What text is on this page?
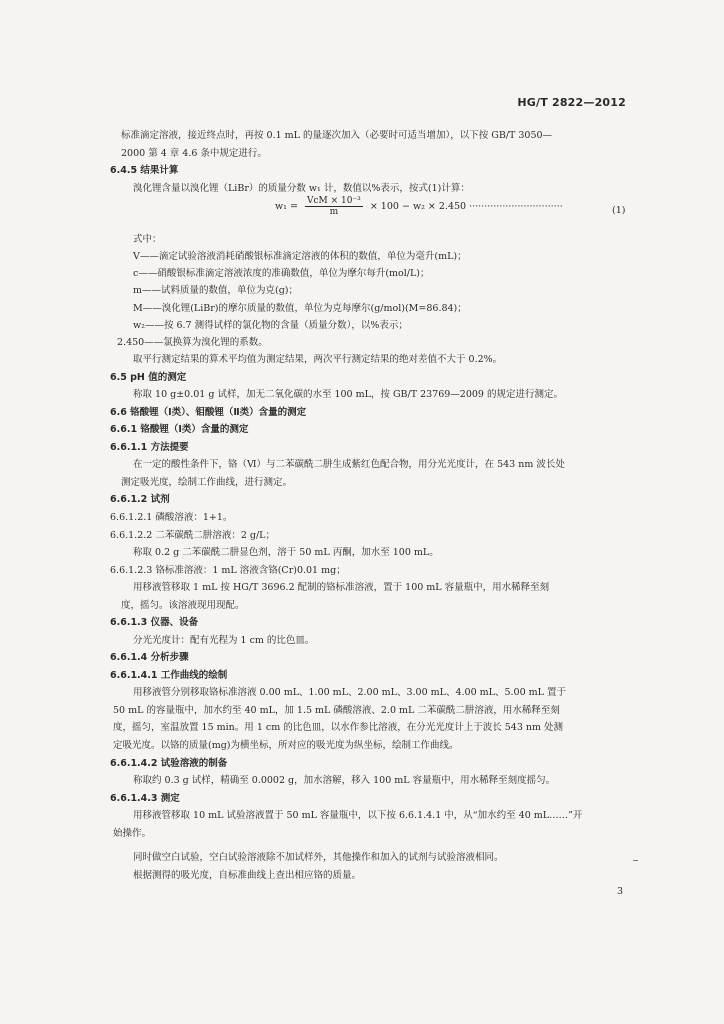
HG/T 2822—2012
标准滴定溶液，接近终点时，再按 0.1 mL 的量逐次加入（必要时可适当增加），以下按 GB/T 3050—
2000 第 4 章 4.6 条中规定进行。
6.4.5 结果计算
溴化锂含量以溴化锂（LiBr）的质量分数 w₁ 计，数值以%表示，按式(1)计算：
$w_1 = \frac{\text{VcM × 10⁻³}}{m} \times 100 - w_2 \times 2.450$ ·······························	(1)
式中：
V——滴定试验溶液消耗硝酸银标准滴定溶液的体积的数值，单位为毫升(mL)；
c——硝酸银标准滴定溶液浓度的准确数值，单位为摩尔每升(mol/L)；
m——试料质量的数值，单位为克(g)；
M——溴化锂(LiBr)的摩尔质量的数值，单位为克每摩尔(g/mol)(M=86.84)；
w₂——按 6.7 测得试样的氯化物的含量（质量分数），以%表示；
2.450——氯换算为溴化锂的系数。
取平行测定结果的算术平均值为测定结果，两次平行测定结果的绝对差值不大于 0.2%。
6.5 pH 值的测定
称取 10 g±0.01 g 试样，加无二氧化碳的水至 100 mL，按 GB/T 23769—2009 的规定进行测定。
6.6 铬酸锂（Ⅰ类）、钼酸锂（Ⅱ类）含量的测定
6.6.1 铬酸锂（Ⅰ类）含量的测定
6.6.1.1 方法提要
在一定的酸性条件下，铬（Ⅵ）与二苯碳酰二肼生成紫红色配合物，用分光光度计，在 543 nm 波长处
测定吸光度，绘制工作曲线，进行测定。
6.6.1.2 试剂
6.6.1.2.1 磷酸溶液：1+1。
6.6.1.2.2 二苯碳酰二肼溶液：2 g/L；
称取 0.2 g 二苯碳酰二肼显色剂，溶于 50 mL 丙酮，加水至 100 mL。
6.6.1.2.3 铬标准溶液：1 mL 溶液含铬(Cr)0.01 mg；
用移液管移取 1 mL 按 HG/T 3696.2 配制的铬标准溶液，置于 100 mL 容量瓶中，用水稀释至刻
度，摇匀。该溶液现用现配。
6.6.1.3 仪器、设备
分光光度计：配有光程为 1 cm 的比色皿。
6.6.1.4 分析步骤
6.6.1.4.1 工作曲线的绘制
用移液管分别移取铬标准溶液 0.00 mL、1.00 mL、2.00 mL、3.00 mL、4.00 mL、5.00 mL 置于
50 mL 的容量瓶中，加水约至 40 mL，加 1.5 mL 磷酸溶液、2.0 mL 二苯碳酰二肼溶液，用水稀释至刻
度，摇匀，室温放置 15 min。用 1 cm 的比色皿，以水作参比溶液，在分光光度计上于波长 543 nm 处测
定吸光度。以铬的质量(mg)为横坐标，所对应的吸光度为纵坐标，绘制工作曲线。
6.6.1.4.2 试验溶液的制备
称取约 0.3 g 试样，精确至 0.0002 g，加水溶解，移入 100 mL 容量瓶中，用水稀释至刻度摇匀。
6.6.1.4.3 测定
用移液管移取 10 mL 试验溶液置于 50 mL 容量瓶中，以下按 6.6.1.4.1 中，从“加水约至 40 mL……”开
始操作。
同时做空白试验，空白试验溶液除不加试样外，其他操作和加入的试剂与试验溶液相同。
根据测得的吸光度，自标准曲线上查出相应铬的质量。
3
